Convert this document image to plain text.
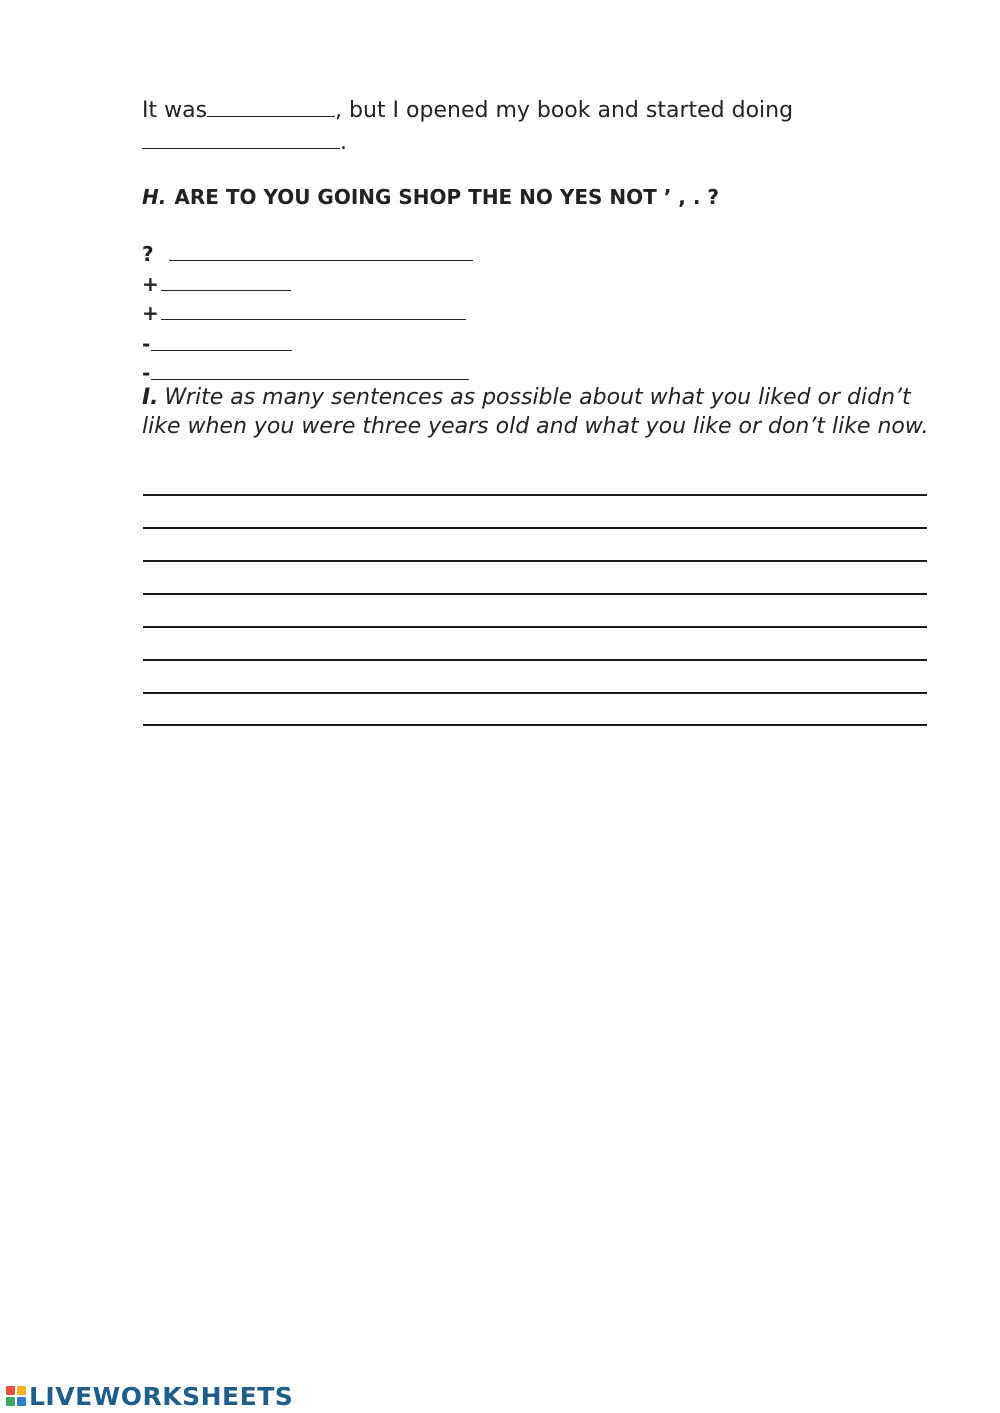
It was	, but I opened my book and started doing
.
H. ARE TO YOU GOING SHOP THE NO YES NOT ’ , . ?
?
+
+
-
-
I. Write as many sentences as possible about what you liked or didn’t like when you were three years old and what you like or don’t like now.
LIVEWORKSHEETS
